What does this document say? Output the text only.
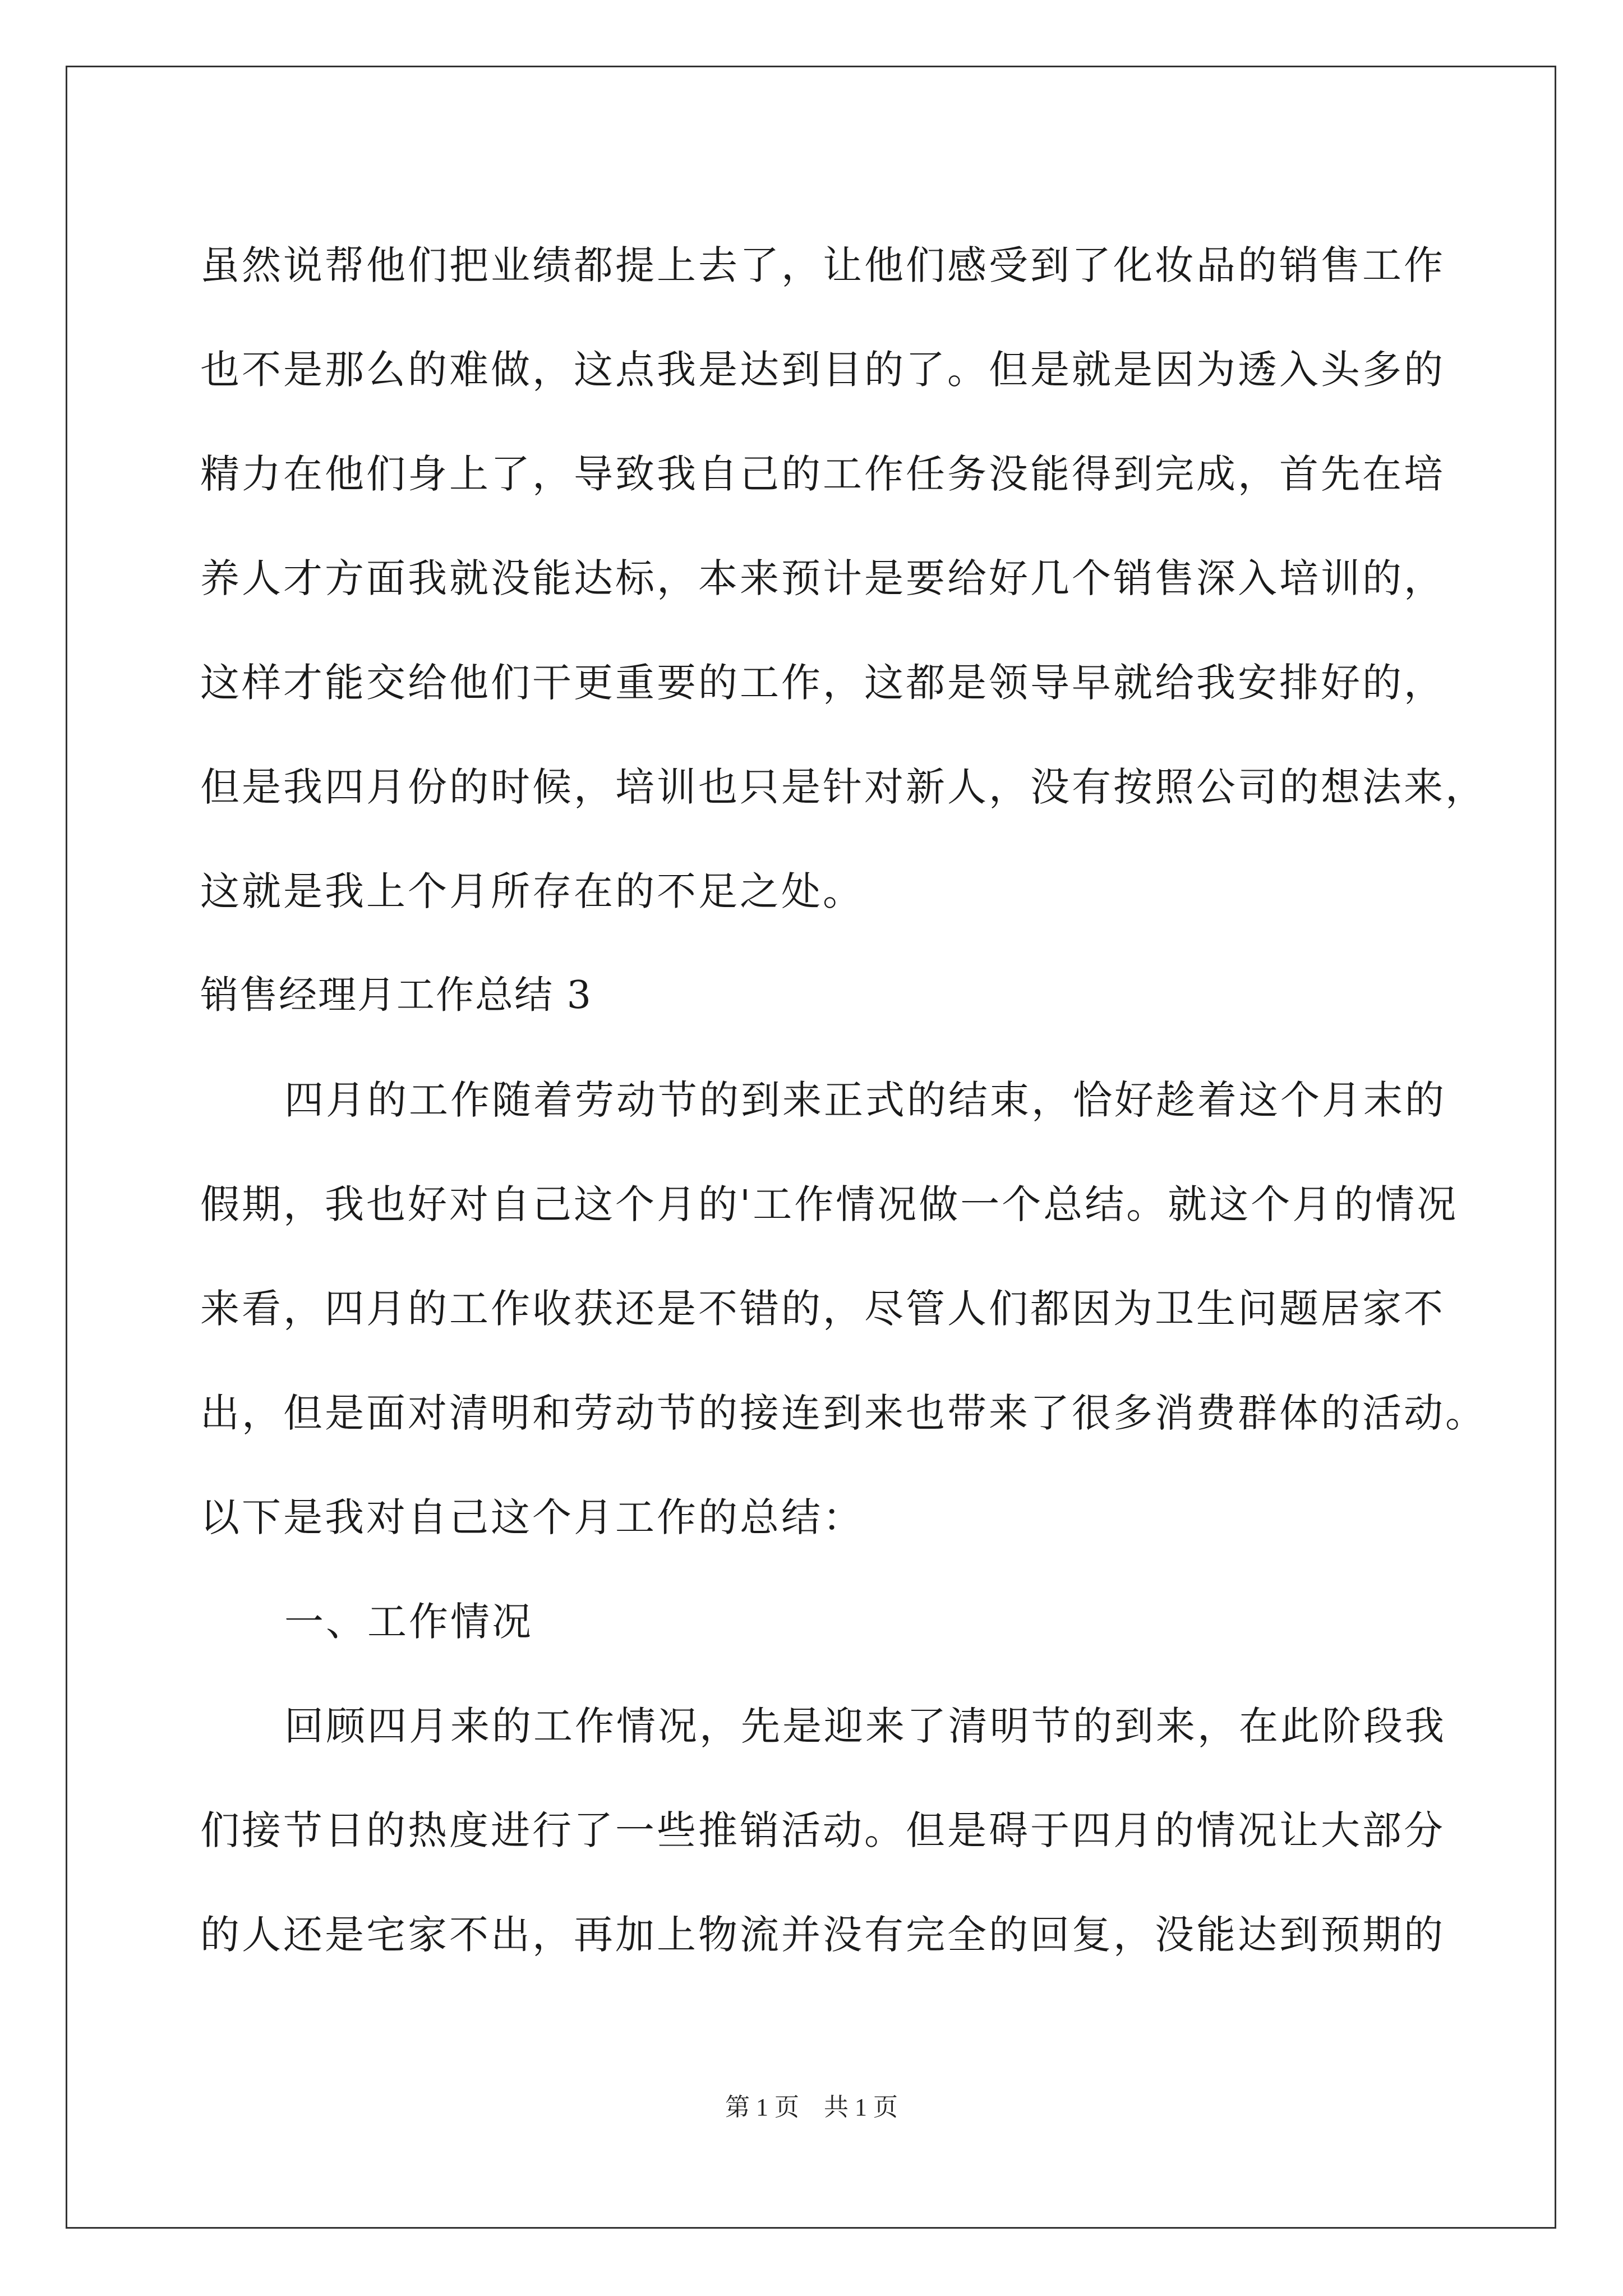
虽然说帮他们把业绩都提上去了，让他们感受到了化妆品的销售工作
也不是那么的难做，这点我是达到目的了。但是就是因为透入头多的
精力在他们身上了，导致我自己的工作任务没能得到完成，首先在培
养人才方面我就没能达标，本来预计是要给好几个销售深入培训的，
这样才能交给他们干更重要的工作，这都是领导早就给我安排好的，
但是我四月份的时候，培训也只是针对新人，没有按照公司的想法来，
这就是我上个月所存在的不足之处。
销售经理月工作总结 3
四月的工作随着劳动节的到来正式的结束，恰好趁着这个月末的
假期，我也好对自己这个月的'工作情况做一个总结。就这个月的情况
来看，四月的工作收获还是不错的，尽管人们都因为卫生问题居家不
出，但是面对清明和劳动节的接连到来也带来了很多消费群体的活动。
以下是我对自己这个月工作的总结：
一、工作情况
回顾四月来的工作情况，先是迎来了清明节的到来，在此阶段我
们接节日的热度进行了一些推销活动。但是碍于四月的情况让大部分
的人还是宅家不出，再加上物流并没有完全的回复，没能达到预期的
第 1 页　共 1 页
